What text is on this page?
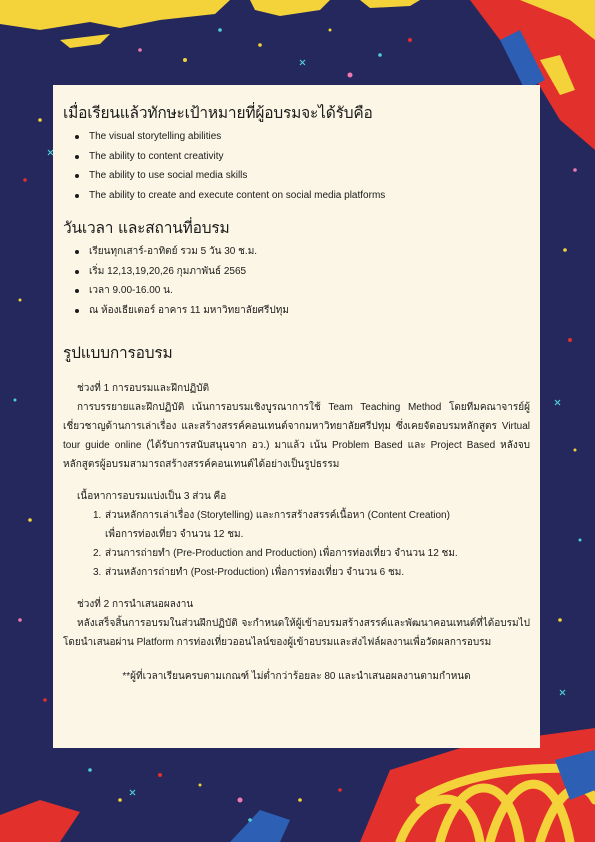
เมื่อเรียนแล้วทักษะเป้าหมายที่ผู้อบรมจะได้รับคือ
The visual storytelling abilities
The ability to content creativity
The ability to use social media skills
The ability to create and execute content on social media platforms
วันเวลา และสถานที่อบรม
เรียนทุกเสาร์-อาทิตย์ รวม 5 วัน 30 ช.ม.
เริ่ม 12,13,19,20,26 กุมภาพันธ์ 2565
เวลา 9.00-16.00 น.
ณ ห้องเธียเตอร์ อาคาร 11 มหาวิทยาลัยศรีปทุม
รูปแบบการอบรม

ช่วงที่ 1 การอบรมและฝึกปฏิบัติ

การบรรยายและฝึกปฏิบัติ เน้นการอบรมเชิงบูรณาการใช้ Team Teaching Method โดยทีมคณาจารย์ผู้เชี่ยวชาญด้านการเล่าเรื่อง และสร้างสรรค์คอนเทนต์จากมหาวิทยาลัยศรีปทุม ซึ่งเคยจัดอบรมหลักสูตร Virtual tour guide online (ได้รับการสนับสนุนจาก อว.) มาแล้ว เน้น Problem Based และ Project Based หลังจบหลักสูตรผู้อบรมสามารถสร้างสรรค์คอนเทนต์ได้อย่างเป็นรูปธรรม

เนื้อหาการอบรมแบ่งเป็น 3 ส่วน คือ

1. ส่วนหลักการเล่าเรื่อง (Storytelling) และการสร้างสรรค์เนื้อหา (Content Creation)
เพื่อการท่องเที่ยว จำนวน 12 ชม.
2. ส่วนการถ่ายทำ (Pre-Production and Production) เพื่อการท่องเที่ยว จำนวน 12 ชม.
3. ส่วนหลังการถ่ายทำ (Post-Production) เพื่อการท่องเที่ยว จำนวน 6 ชม.

ช่วงที่ 2 การนำเสนอผลงาน

หลังเสร็จสิ้นการอบรมในส่วนฝึกปฏิบัติ จะกำหนดให้ผู้เข้าอบรมสร้างสรรค์และพัฒนาคอนเทนต์ที่ได้อบรมไปโดยนำเสนอผ่าน Platform การท่องเที่ยวออนไลน์ของผู้เข้าอบรมและส่งไฟล์ผลงานเพื่อวัดผลการอบรม

**ผู้ที่เวลาเรียนครบตามเกณฑ์ ไม่ต่ำกว่าร้อยละ 80 และนำเสนอผลงานตามกำหนด
